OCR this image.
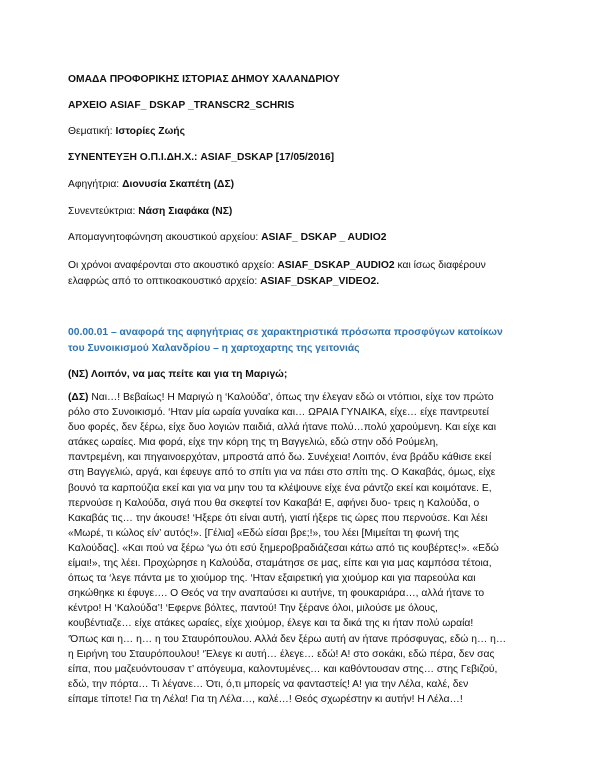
ΟΜΑΔΑ ΠΡΟΦΟΡΙΚΗΣ ΙΣΤΟΡΙΑΣ ΔΗΜΟΥ ΧΑΛΑΝΔΡΙΟΥ
ΑΡΧΕΙΟ ASIAF_ DSKAP _TRANSCR2_SCHRIS
Θεματική: Ιστορίες Ζωής
ΣΥΝΕΝΤΕΥΞΗ Ο.Π.Ι.ΔΗ.Χ.: ASIAF_DSKAP [17/05/2016]
Αφηγήτρια: Διονυσία Σκαπέτη (ΔΣ)
Συνεντεύκτρια: Νάση Σιαφάκα (ΝΣ)
Απομαγνητοφώνηση ακουστικού αρχείου: ASIAF_ DSKAP _ AUDIO2
Οι χρόνοι αναφέρονται στο ακουστικό αρχείο: ASIAF_DSKAP_AUDIO2 και ίσως διαφέρουν
ελαφρώς από το οπτικοακουστικό αρχείο: ASIAF_DSKAP_VIDEO2.
00.00.01 – αναφορά της αφηγήτριας σε χαρακτηριστικά πρόσωπα προσφύγων κατοίκων
του Συνοικισμού Χαλανδρίου – η χαρτοχαρτης της γειτονιάς
(ΝΣ) Λοιπόν, να μας πείτε και για τη Μαριγώ;
(ΔΣ) Ναι…! Βεβαίως! Η Μαριγώ η ‘Καλούδα’, όπως την έλεγαν εδώ οι ντόπιοι, είχε τον πρώτο
ρόλο στο Συνοικισμό. ‘Ηταν μία ωραία γυναίκα και… ΩΡΑΙΑ ΓΥΝΑΙΚΑ, είχε… είχε παντρευτεί
δυο φορές, δεν ξέρω, είχε δυο λογιών παιδιά, αλλά ήτανε πολύ…πολύ χαρούμενη. Και είχε και
ατάκες ωραίες. Μια φορά, είχε την κόρη της τη Βαγγελιώ, εδώ στην οδό Ρούμελη,
παντρεμένη, και πηγαινοερχόταν, μπροστά από δω. Συνέχεια! Λοιπόν, ένα βράδυ κάθισε εκεί
στη Βαγγελιώ, αργά, και έφευγε από το σπίτι για να πάει στο σπίτι της. Ο Κακαβάς, όμως, είχε
βουνό τα καρπούζια εκεί και για να μην του τα κλέψουνε είχε ένα ράντζο εκεί και κοιμότανε. Ε,
περνούσε η Καλούδα, σιγά που θα σκεφτεί τον Κακαβά! Ε, αφήνει δυο- τρεις η Καλούδα, ο
Κακαβάς τις… την άκουσε! ‘Ηξερε ότι είναι αυτή, γιατί ήξερε τις ώρες που περνούσε. Και λέει
«Μωρέ, τι κώλος είν’ αυτός!». [Γέλια] «Εδώ είσαι βρε;!», του λέει [Μιμείται τη φωνή της
Καλούδας]. «Και πού να ξέρω ‘γω ότι εσύ ξημεροβραδιάζεσαι κάτω από τις κουβέρτες!». «Εδώ
είμαι!», της λέει. Προχώρησε η Καλούδα, σταμάτησε σε μας, είπε και για μας καμπόσα τέτοια,
όπως τα ‘λεγε πάντα με το χιούμορ της. ‘Ηταν εξαιρετική για χιούμορ και για παρεούλα και
σηκώθηκε κι έφυγε…. Ο Θεός να την αναπαύσει κι αυτήνε, τη φουκαριάρα…, αλλά ήτανε το
κέντρο! Η ‘Καλούδα’! ‘Εφερνε βόλτες, παντού! Την ξέρανε όλοι, μιλούσε με όλους,
κουβέντιαζε… είχε ατάκες ωραίες, είχε χιούμορ, έλεγε και τα δικά της κι ήταν πολύ ωραία!
‘Όπως και η… η… η του Σταυρόπουλου. Αλλά δεν ξέρω αυτή αν ήτανε πρόσφυγας, εδώ η… η…
η Ειρήνη του Σταυρόπουλου! ‘Έλεγε κι αυτή… έλεγε… εδώ! Α! στο σοκάκι, εδώ πέρα, δεν σας
είπα, που μαζευόντουσαν τ’ απόγευμα, καλοντυμένες… και καθόντουσαν στης… στης Γεβιζού,
εδώ, την πόρτα… Τι λέγανε… Ότι, ό,τι μπορείς να φανταστείς! Α! για την Λέλα, καλέ, δεν
είπαμε τίποτε! Για τη Λέλα! Για τη Λέλα…, καλέ…! Θεός σχωρέστην κι αυτήν! Η Λέλα…!
